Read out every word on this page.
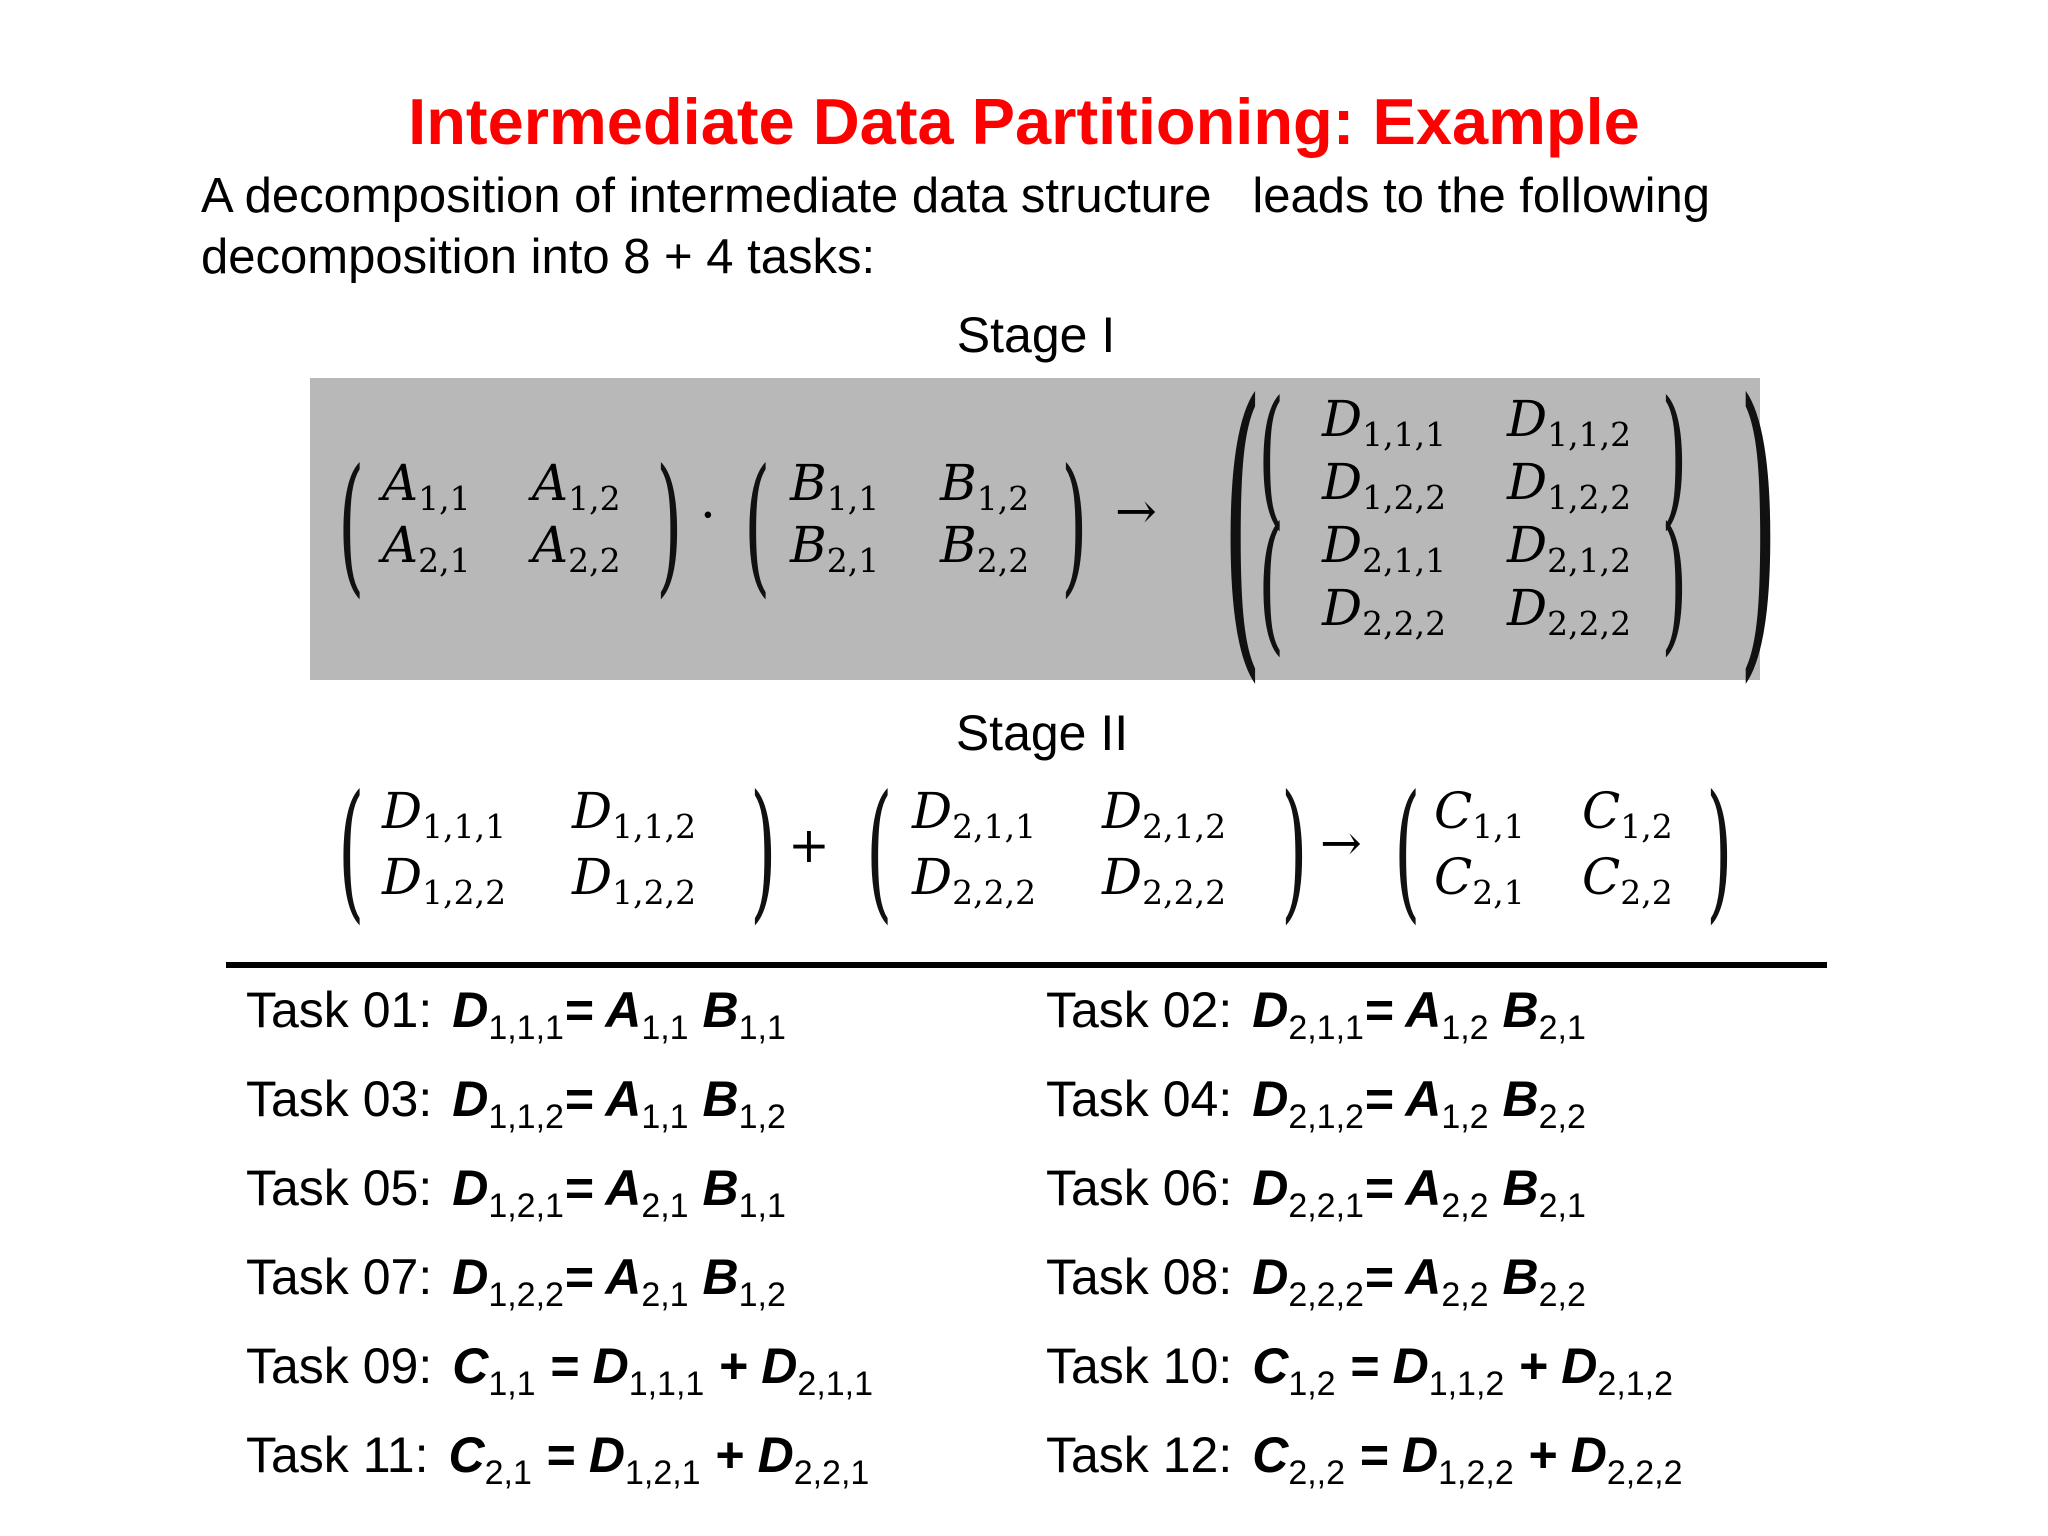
Intermediate Data Partitioning: Example

A decomposition of intermediate data structure   leads to the following

decomposition into 8 + 4 tasks:

Stage I
( $A_{1,1}$ $A_{1,2}$
$A_{2,1}$ $A_{2,2}$ ) · ( $B_{1,1}$ $B_{1,2}$
$B_{2,1}$ $B_{2,2}$ ) → (
( $D_{1,1,1}$ $D_{1,1,2}$
$D_{1,2,2}$ $D_{1,2,2}$ )
( $D_{2,1,1}$ $D_{2,1,2}$
$D_{2,2,2}$ $D_{2,2,2}$ ) )
Stage II
( $D_{1,1,1}$ $D_{1,1,2}$
$D_{1,2,2}$ $D_{1,2,2}$ ) + ( $D_{2,1,1}$ $D_{2,1,2}$
$D_{2,2,2}$ $D_{2,2,2}$ ) → ( $C_{1,1}$ $C_{1,2}$
$C_{2,1}$ $C_{2,2}$ )
Task 01: $D_{1,1,1}= A_{1,1}$ $B_{1,1}$	Task 02: $D_{2,1,1}= A_{1,2}$ $B_{2,1}$
Task 03: $D_{1,1,2}= A_{1,1}$ $B_{1,2}$	Task 04: $D_{2,1,2}= A_{1,2}$ $B_{2,2}$
Task 05: $D_{1,2,1}= A_{2,1}$ $B_{1,1}$	Task 06: $D_{2,2,1}= A_{2,2}$ $B_{2,1}$
Task 07: $D_{1,2,2}= A_{2,1}$ $B_{1,2}$	Task 08: $D_{2,2,2}= A_{2,2}$ $B_{2,2}$
Task 09: $C_{1,1} = D_{1,1,1} + D_{2,1,1}$	Task 10: $C_{1,2} = D_{1,1,2} + D_{2,1,2}$
Task 11: $C_{2,1} = D_{1,2,1} + D_{2,2,1}$	Task 12: $C_{2,,2} = D_{1,2,2} + D_{2,2,2}$
